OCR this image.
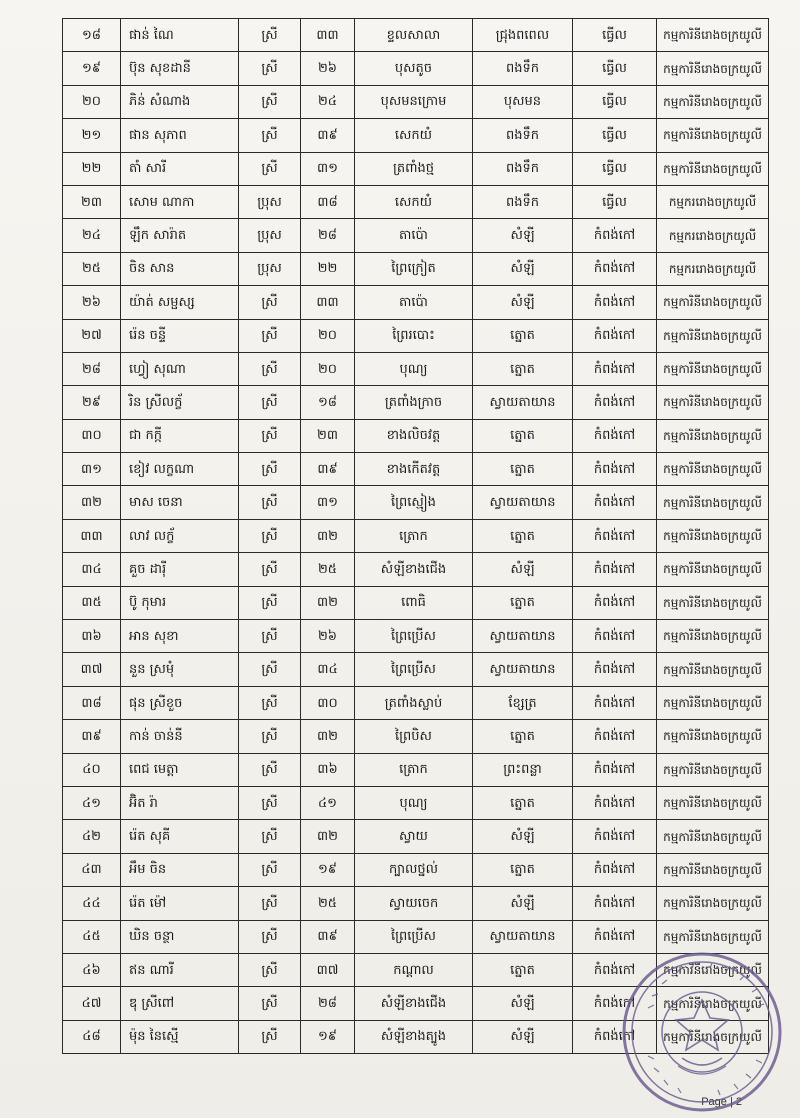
១៨	ផាន់ ណៃ	ស្រី	៣៣	ខ្ទលសាលា	ជ្រុងពពេល	ធ្វើល	កម្មការិនីរោងចក្រយូលី
១៩	ប៊ុន សុខដានី	ស្រី	២៦	បុសតូច	ពងទឹក	ធ្វើល	កម្មការិនីរោងចក្រយូលី
២០	ភិន់ សំណាង	ស្រី	២៤	បុសមនក្រោម	បុសមន	ធ្វើល	កម្មការិនីរោងចក្រយូលី
២១	ផាន សុភាព	ស្រី	៣៩	សេកយំ	ពងទឹក	ធ្វើល	កម្មការិនីរោងចក្រយូលី
២២	តាំ សារី	ស្រី	៣១	ត្រពាំងថ្ម	ពងទឹក	ធ្វើល	កម្មការិនីរោងចក្រយូលី
២៣	សោម ណាកា	ប្រុស	៣៨	សេកយំ	ពងទឹក	ធ្វើល	កម្មកររោងចក្រយូលី
២៤	ឡឹក សារ៉ាត	ប្រុស	២៨	តាប៉ោ	សំឡី	កំពង់កៅ	កម្មកររោងចក្រយូលី
២៥	ចិន សាន	ប្រុស	២២	ព្រៃក្រៀត	សំឡី	កំពង់កៅ	កម្មកររោងចក្រយូលី
២៦	យ៉ាត់ សម្ផស្ស	ស្រី	៣៣	តាប៉ោ	សំឡី	កំពង់កៅ	កម្មការិនីរោងចក្រយូលី
២៧	រ៉េន ចន្ទី	ស្រី	២០	ព្រៃរបោះ	ត្នោត	កំពង់កៅ	កម្មការិនីរោងចក្រយូលី
២៨	ហ្វៀ សុណា	ស្រី	២០	បុណ្យ	ត្នោត	កំពង់កៅ	កម្មការិនីរោងចក្រយូលី
២៩	រិន ស្រីលក្ខ័	ស្រី	១៨	ត្រពាំងក្រាច	ស្វាយតាយាន	កំពង់កៅ	កម្មការិនីរោងចក្រយូលី
៣០	ជា កក្កី	ស្រី	២៣	ខាងលិចវត្ត	ត្នោត	កំពង់កៅ	កម្មការិនីរោងចក្រយូលី
៣១	ខៀវ លក្ខណា	ស្រី	៣៩	ខាងកើតវត្ត	ត្នោត	កំពង់កៅ	កម្មការិនីរោងចក្រយូលី
៣២	មាស ចេនា	ស្រី	៣១	ព្រៃស្មៀង	ស្វាយតាយាន	កំពង់កៅ	កម្មការិនីរោងចក្រយូលី
៣៣	លាវ លក្ខ័	ស្រី	៣២	ត្រោក	ត្នោត	កំពង់កៅ	កម្មការិនីរោងចក្រយូលី
៣៤	គួច ដារ៉ី	ស្រី	២៥	សំឡីខាងជើង	សំឡី	កំពង់កៅ	កម្មការិនីរោងចក្រយូលី
៣៥	ប៊ូ កុមារ	ស្រី	៣២	ពោធិ	ត្នោត	កំពង់កៅ	កម្មការិនីរោងចក្រយូលី
៣៦	អាន សុខា	ស្រី	២៦	ព្រៃប្រើស	ស្វាយតាយាន	កំពង់កៅ	កម្មការិនីរោងចក្រយូលី
៣៧	នួន ស្រមុំ	ស្រី	៣៤	ព្រៃប្រើស	ស្វាយតាយាន	កំពង់កៅ	កម្មការិនីរោងចក្រយូលី
៣៨	ផុន ស្រីខួច	ស្រី	៣០	ត្រពាំងស្លាប់	ខ្សែត្រ	កំពង់កៅ	កម្មការិនីរោងចក្រយូលី
៣៩	កាន់ ចាន់នី	ស្រី	៣២	ព្រៃបិស	ត្នោត	កំពង់កៅ	កម្មការិនីរោងចក្រយូលី
៤០	ពេជ មេត្តា	ស្រី	៣៦	ត្រោក	ព្រះពន្លា	កំពង់កៅ	កម្មការិនីរោងចក្រយូលី
៤១	អ៊ិត រ៉ា	ស្រី	៤១	បុណ្យ	ត្នោត	កំពង់កៅ	កម្មការិនីរោងចក្រយូលី
៤២	រ៉េត សុគី	ស្រី	៣២	ស្វាយ	សំឡី	កំពង់កៅ	កម្មការិនីរោងចក្រយូលី
៤៣	អឹម ចិន	ស្រី	១៩	ក្បាលថ្នល់	ត្នោត	កំពង់កៅ	កម្មការិនីរោងចក្រយូលី
៤៤	រ៉េត ម៉ៅ	ស្រី	២៥	ស្វាយចេក	សំឡី	កំពង់កៅ	កម្មការិនីរោងចក្រយូលី
៤៥	ឃិន ចន្ថា	ស្រី	៣៩	ព្រៃប្រើស	ស្វាយតាយាន	កំពង់កៅ	កម្មការិនីរោងចក្រយូលី
៤៦	ឥន ណារី	ស្រី	៣៧	កណ្តាល	ត្នោត	កំពង់កៅ	កម្មការិនីរោងចក្រយូលី
៤៧	ឌុ ស្រីពៅ	ស្រី	២៨	សំឡីខាងជើង	សំឡី	កំពង់កៅ	កម្មការិនីរោងចក្រយូលី
៤៨	ម៉ុន នៃស្មើ	ស្រី	១៩	សំឡីខាងត្បូង	សំឡី	កំពង់កៅ	កម្មការិនីរោងចក្រយូលី
Page | 2
